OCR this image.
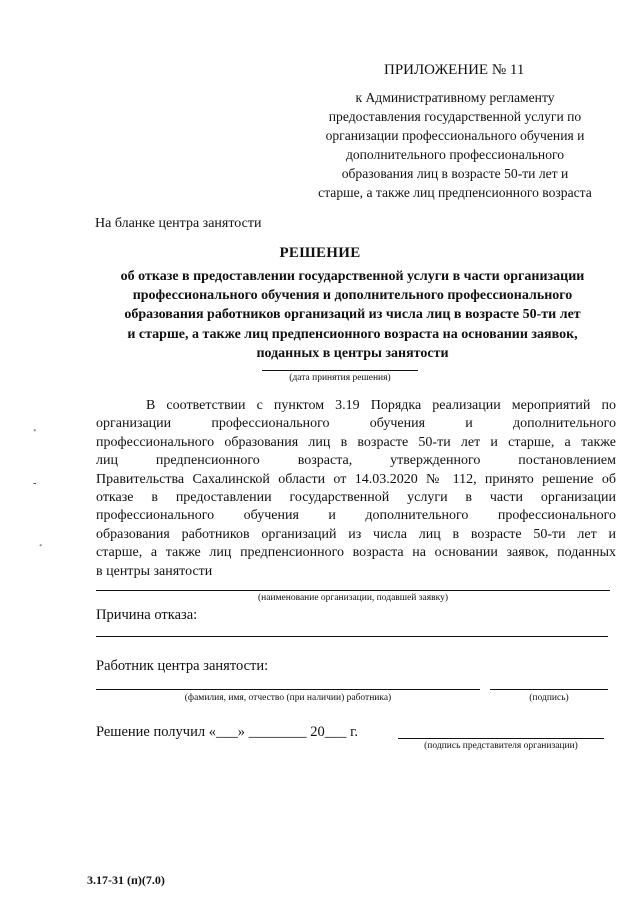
ПРИЛОЖЕНИЕ № 11
к Административному регламенту
предоставления государственной услуги по
организации профессионального обучения и
дополнительного профессионального
образования лиц в возрасте 50-ти лет и
старше, а также лиц предпенсионного возраста
На бланке центра занятости
РЕШЕНИЕ
об отказе в предоставлении государственной услуги в части организации
профессионального обучения и дополнительного профессионального
образования работников организаций из числа лиц в возрасте 50-ти лет
и старше, а также лиц предпенсионного возраста на основании заявок,
поданных в центры занятости
(дата принятия решения)
В соответствии с пунктом 3.19 Порядка реализации мероприятий по
организации профессионального обучения и дополнительного
профессионального образования лиц в возрасте 50-ти лет и старше, а также
лиц предпенсионного возраста, утвержденного постановлением
Правительства Сахалинской области от 14.03.2020 № 112, принято решение об
отказе в предоставлении государственной услуги в части организации
профессионального обучения и дополнительного профессионального
образования работников организаций из числа лиц в возрасте 50-ти лет и
старше, а также лиц предпенсионного возраста на основании заявок, поданных
в центры занятости
(наименование организации, подавшей заявку)
Причина отказа:
Работник центра занятости:
(фамилия, имя, отчество (при наличии) работника)	(подпись)
Решение получил «___» ________ 20___ г.
(подпись представителя организации)
3.17-31 (п)(7.0)
ﾞ
-
ﾞ
